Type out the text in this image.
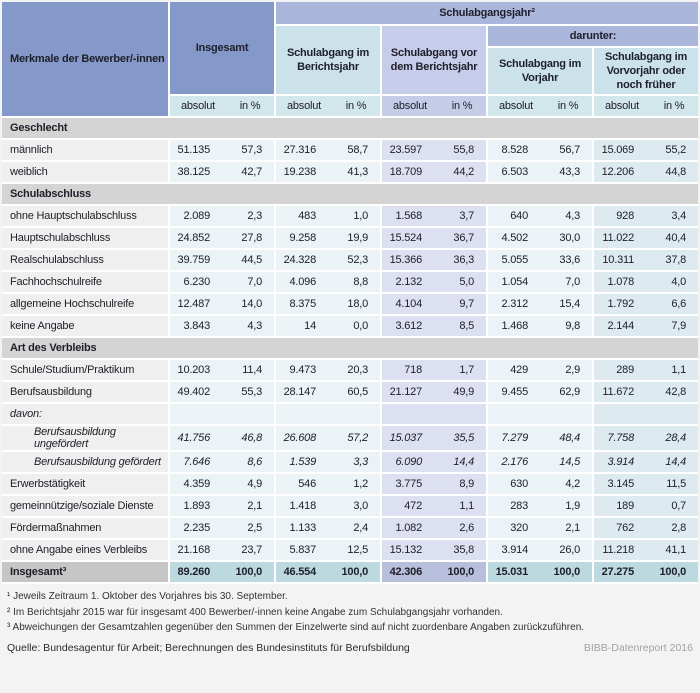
Merkmale der Bewerber/-innen	Insgesamt		Schulabgangsjahr²							
			Schulabgang im Berichtsjahr		Schulabgang vor dem Berichtsjahr		darunter:			
							Schulabgang im Vorjahr		Schulabgang im Vorvorjahr oder noch früher	
	absolut	in %	absolut	in %	absolut	in %	absolut	in %	absolut	in %
Geschlecht										
männlich	51.135	57,3	27.316	58,7	23.597	55,8	8.528	56,7	15.069	55,2
weiblich	38.125	42,7	19.238	41,3	18.709	44,2	6.503	43,3	12.206	44,8
Schulabschluss										
ohne Hauptschulabschluss	2.089	2,3	483	1,0	1.568	3,7	640	4,3	928	3,4
Hauptschulabschluss	24.852	27,8	9.258	19,9	15.524	36,7	4.502	30,0	11.022	40,4
Realschulabschluss	39.759	44,5	24.328	52,3	15.366	36,3	5.055	33,6	10.311	37,8
Fachhochschulreife	6.230	7,0	4.096	8,8	2.132	5,0	1.054	7,0	1.078	4,0
allgemeine Hochschulreife	12.487	14,0	8.375	18,0	4.104	9,7	2.312	15,4	1.792	6,6
keine Angabe	3.843	4,3	14	0,0	3.612	8,5	1.468	9,8	2.144	7,9
Art des Verbleibs										
Schule/Studium/Praktikum	10.203	11,4	9.473	20,3	718	1,7	429	2,9	289	1,1
Berufsausbildung	49.402	55,3	28.147	60,5	21.127	49,9	9.455	62,9	11.672	42,8
davon:										
Berufsausbildung ungefördert	41.756	46,8	26.608	57,2	15.037	35,5	7.279	48,4	7.758	28,4
Berufsausbildung gefördert	7.646	8,6	1.539	3,3	6.090	14,4	2.176	14,5	3.914	14,4
Erwerbstätigkeit	4.359	4,9	546	1,2	3.775	8,9	630	4,2	3.145	11,5
gemeinnützige/soziale Dienste	1.893	2,1	1.418	3,0	472	1,1	283	1,9	189	0,7
Fördermaßnahmen	2.235	2,5	1.133	2,4	1.082	2,6	320	2,1	762	2,8
ohne Angabe eines Verbleibs	21.168	23,7	5.837	12,5	15.132	35,8	3.914	26,0	11.218	41,1
Insgesamt³	89.260	100,0	46.554	100,0	42.306	100,0	15.031	100,0	27.275	100,0
¹ Jeweils Zeitraum 1. Oktober des Vorjahres bis 30. September.
² Im Berichtsjahr 2015 war für insgesamt 400 Bewerber/-innen keine Angabe zum Schulabgangsjahr vorhanden.
³ Abweichungen der Gesamtzahlen gegenüber den Summen der Einzelwerte sind auf nicht zuordenbare Angaben zurückzuführen.
Quelle: Bundesagentur für Arbeit; Berechnungen des Bundesinstituts für Berufsbildung	BIBB-Datenreport 2016
